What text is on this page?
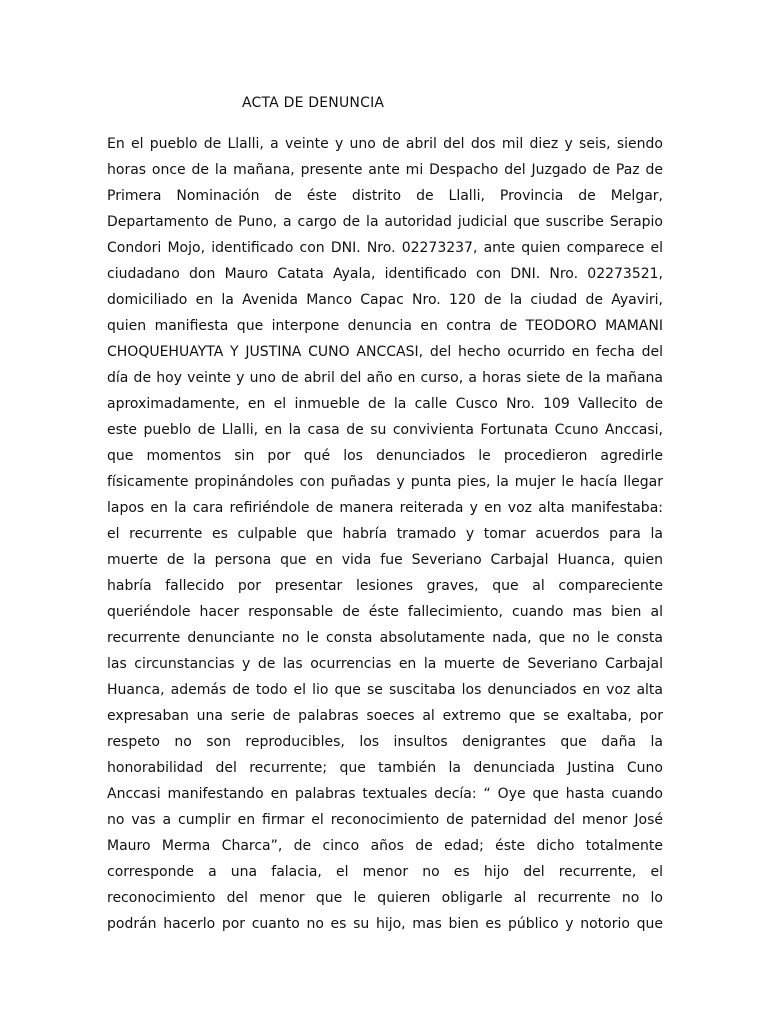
ACTA DE DENUNCIA
En el pueblo de Llalli, a veinte y uno de abril del dos mil diez y seis, siendo
horas once de la mañana, presente ante mi Despacho del Juzgado de Paz de
Primera Nominación de éste distrito de Llalli, Provincia de Melgar,
Departamento de Puno, a cargo de la autoridad judicial que suscribe Serapio
Condori Mojo, identificado con DNI. Nro. 02273237, ante quien comparece el
ciudadano don Mauro Catata Ayala, identificado con DNI. Nro. 02273521,
domiciliado en la Avenida Manco Capac Nro. 120 de la ciudad de Ayaviri,
quien manifiesta que interpone denuncia en contra de TEODORO MAMANI
CHOQUEHUAYTA Y JUSTINA CUNO ANCCASI, del hecho ocurrido en fecha del
día de hoy veinte y uno de abril del año en curso, a horas siete de la mañana
aproximadamente, en el inmueble de la calle Cusco Nro. 109 Vallecito de
este pueblo de Llalli, en la casa de su convivienta Fortunata Ccuno Anccasi,
que momentos sin por qué los denunciados le procedieron agredirle
físicamente propinándoles con puñadas y punta pies, la mujer le hacía llegar
lapos en la cara refiriéndole de manera reiterada y en voz alta manifestaba:
el recurrente es culpable que habría tramado y tomar acuerdos para la
muerte de la persona que en vida fue Severiano Carbajal Huanca, quien
habría fallecido por presentar lesiones graves, que al compareciente
queriéndole hacer responsable de éste fallecimiento, cuando mas bien al
recurrente denunciante no le consta absolutamente nada, que no le consta
las circunstancias y de las ocurrencias en la muerte de Severiano Carbajal
Huanca, además de todo el lio que se suscitaba los denunciados en voz alta
expresaban una serie de palabras soeces al extremo que se exaltaba, por
respeto no son reproducibles, los insultos denigrantes que daña la
honorabilidad del recurrente; que también la denunciada Justina Cuno
Anccasi manifestando en palabras textuales decía: “ Oye que hasta cuando
no vas a cumplir en firmar el reconocimiento de paternidad del menor José
Mauro Merma Charca”, de cinco años de edad; éste dicho totalmente
corresponde a una falacia, el menor no es hijo del recurrente, el
reconocimiento del menor que le quieren obligarle al recurrente no lo
podrán hacerlo por cuanto no es su hijo, mas bien es público y notorio que
